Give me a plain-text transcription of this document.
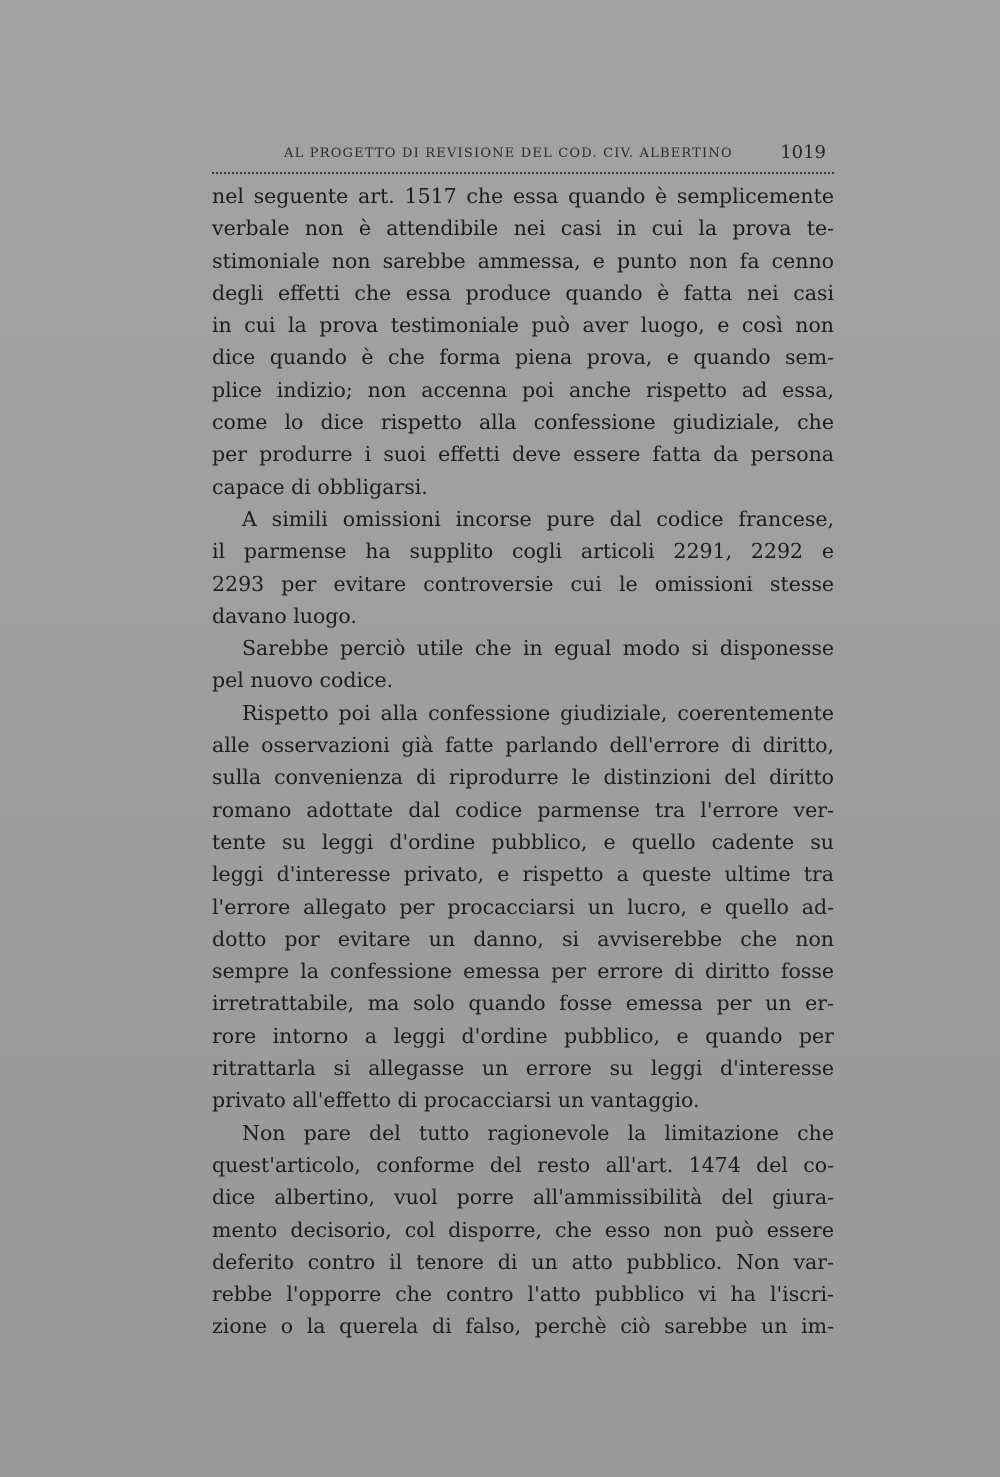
AL PROGETTO DI REVISIONE DEL COD. CIV. ALBERTINO	1019
nel seguente art. 1517 che essa quando è semplicemente
verbale non è attendibile nei casi in cui la prova te-
stimoniale non sarebbe ammessa, e punto non fa cenno
degli effetti che essa produce quando è fatta nei casi
in cui la prova testimoniale può aver luogo, e così non
dice quando è che forma piena prova, e quando sem-
plice indizio; non accenna poi anche rispetto ad essa,
come lo dice rispetto alla confessione giudiziale, che
per produrre i suoi effetti deve essere fatta da persona
capace di obbligarsi.
A simili omissioni incorse pure dal codice francese,
il parmense ha supplito cogli articoli 2291, 2292 e
2293 per evitare controversie cui le omissioni stesse
davano luogo.
Sarebbe perciò utile che in egual modo si disponesse
pel nuovo codice.
Rispetto poi alla confessione giudiziale, coerentemente
alle osservazioni già fatte parlando dell'errore di diritto,
sulla convenienza di riprodurre le distinzioni del diritto
romano adottate dal codice parmense tra l'errore ver-
tente su leggi d'ordine pubblico, e quello cadente su
leggi d'interesse privato, e rispetto a queste ultime tra
l'errore allegato per procacciarsi un lucro, e quello ad-
dotto por evitare un danno, si avviserebbe che non
sempre la confessione emessa per errore di diritto fosse
irretrattabile, ma solo quando fosse emessa per un er-
rore intorno a leggi d'ordine pubblico, e quando per
ritrattarla si allegasse un errore su leggi d'interesse
privato all'effetto di procacciarsi un vantaggio.
Non pare del tutto ragionevole la limitazione che
quest'articolo, conforme del resto all'art. 1474 del co-
dice albertino, vuol porre all'ammissibilità del giura-
mento decisorio, col disporre, che esso non può essere
deferito contro il tenore di un atto pubblico. Non var-
rebbe l'opporre che contro l'atto pubblico vi ha l'iscri-
zione o la querela di falso, perchè ciò sarebbe un im-
